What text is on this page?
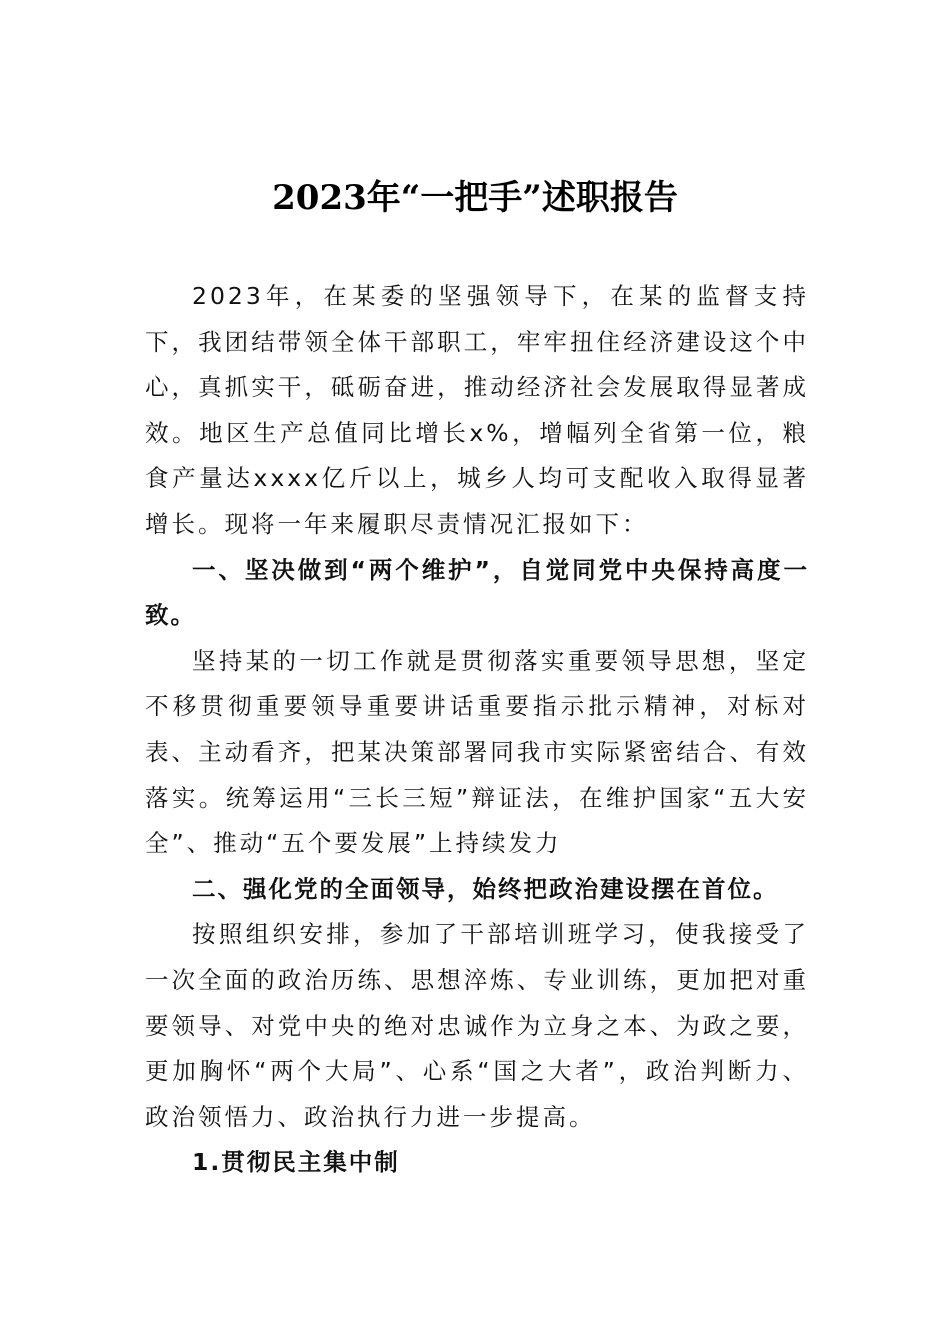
2023年“一把手”述职报告

2023年，在某委的坚强领导下，在某的监督支持下，我团结带领全体干部职工，牢牢扭住经济建设这个中心，真抓实干，砥砺奋进，推动经济社会发展取得显著成效。地区生产总值同比增长x%，增幅列全省第一位，粮食产量达xxxx亿斤以上，城乡人均可支配收入取得显著增长。现将一年来履职尽责情况汇报如下：

一、坚决做到“两个维护”，自觉同党中央保持高度一致。

坚持某的一切工作就是贯彻落实重要领导思想，坚定不移贯彻重要领导重要讲话重要指示批示精神，对标对表、主动看齐，把某决策部署同我市实际紧密结合、有效落实。统筹运用“三长三短”辩证法，在维护国家“五大安全”、推动“五个要发展”上持续发力

二、强化党的全面领导，始终把政治建设摆在首位。

按照组织安排，参加了干部培训班学习，使我接受了一次全面的政治历练、思想淬炼、专业训练，更加把对重要领导、对党中央的绝对忠诚作为立身之本、为政之要，更加胸怀“两个大局”、心系“国之大者”，政治判断力、政治领悟力、政治执行力进一步提高。

1.贯彻民主集中制
